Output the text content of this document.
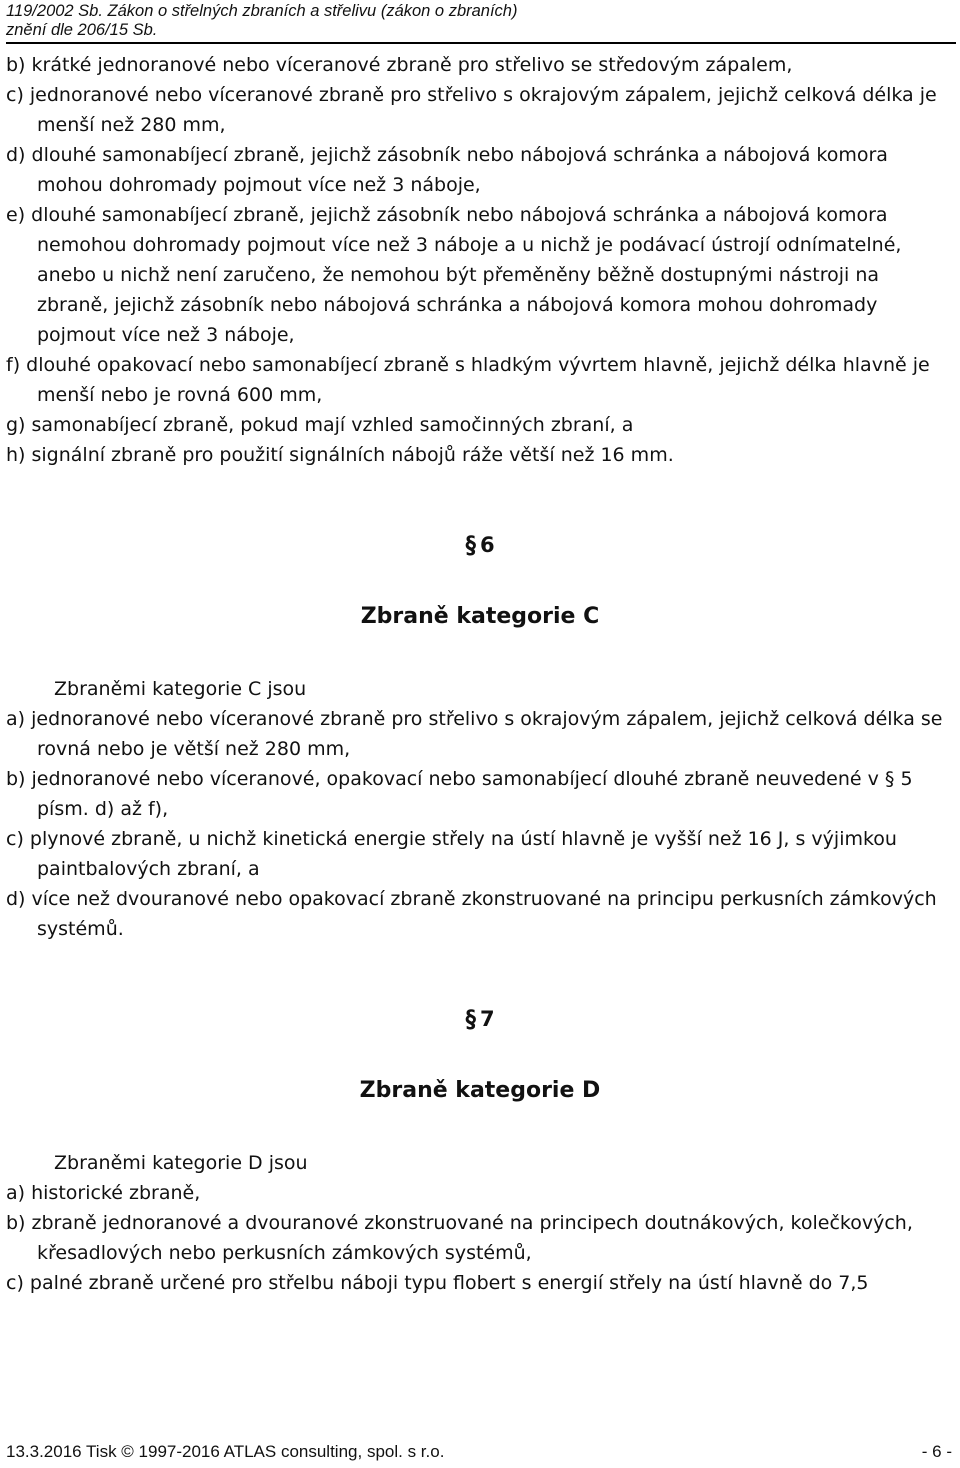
119/2002 Sb. Zákon o střelných zbraních a střelivu (zákon o zbraních)
znění dle 206/15 Sb.
b) krátké jednoranové nebo víceranové zbraně pro střelivo se středovým zápalem,
c) jednoranové nebo víceranové zbraně pro střelivo s okrajovým zápalem, jejichž celková délka je menší než 280 mm,
d) dlouhé samonabíjecí zbraně, jejichž zásobník nebo nábojová schránka a nábojová komora mohou dohromady pojmout více než 3 náboje,
e) dlouhé samonabíjecí zbraně, jejichž zásobník nebo nábojová schránka a nábojová komora nemohou dohromady pojmout více než 3 náboje a u nichž je podávací ústrojí odnímatelné, anebo u nichž není zaručeno, že nemohou být přeměněny běžně dostupnými nástroji na zbraně, jejichž zásobník nebo nábojová schránka a nábojová komora mohou dohromady pojmout více než 3 náboje,
f) dlouhé opakovací nebo samonabíjecí zbraně s hladkým vývrtem hlavně, jejichž délka hlavně je menší nebo je rovná 600 mm,
g) samonabíjecí zbraně, pokud mají vzhled samočinných zbraní, a
h) signální zbraně pro použití signálních nábojů ráže větší než 16 mm.
§ 6
Zbraně kategorie C
Zbraněmi kategorie C jsou
a) jednoranové nebo víceranové zbraně pro střelivo s okrajovým zápalem, jejichž celková délka se rovná nebo je větší než 280 mm,
b) jednoranové nebo víceranové, opakovací nebo samonabíjecí dlouhé zbraně neuvedené v § 5 písm. d) až f),
c) plynové zbraně, u nichž kinetická energie střely na ústí hlavně je vyšší než 16 J, s výjimkou paintbalových zbraní, a
d) více než dvouranové nebo opakovací zbraně zkonstruované na principu perkusních zámkových systémů.
§ 7
Zbraně kategorie D
Zbraněmi kategorie D jsou
a) historické zbraně,
b) zbraně jednoranové a dvouranové zkonstruované na principech doutnákových, kolečkových, křesadlových nebo perkusních zámkových systémů,
c) palné zbraně určené pro střelbu náboji typu flobert s energií střely na ústí hlavně do 7,5
13.3.2016 Tisk © 1997-2016 ATLAS consulting, spol. s r.o.	- 6 -
